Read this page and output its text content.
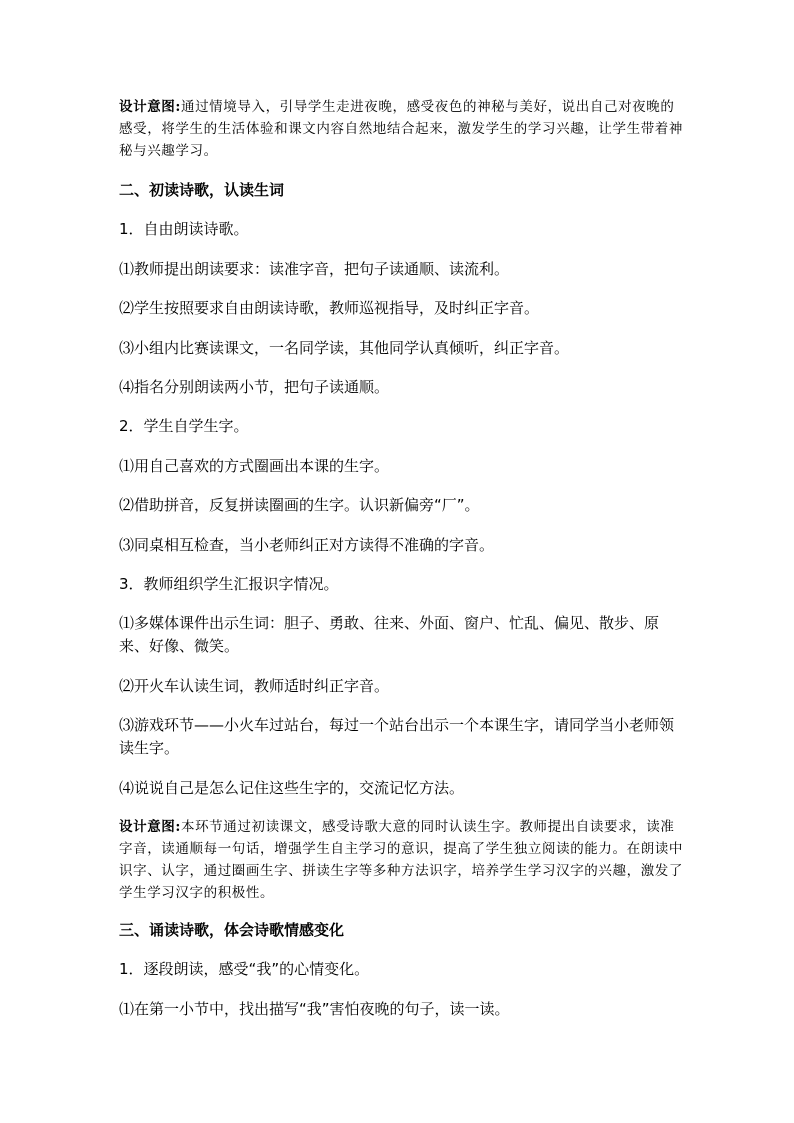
设计意图:通过情境导入，引导学生走进夜晚，感受夜色的神秘与美好，说出自己对夜晚的感受，将学生的生活体验和课文内容自然地结合起来，激发学生的学习兴趣，让学生带着神秘与兴趣学习。

二、初读诗歌，认读生词

1．自由朗读诗歌。

⑴教师提出朗读要求：读准字音，把句子读通顺、读流利。

⑵学生按照要求自由朗读诗歌，教师巡视指导，及时纠正字音。

⑶小组内比赛读课文，一名同学读，其他同学认真倾听，纠正字音。

⑷指名分别朗读两小节，把句子读通顺。

2．学生自学生字。

⑴用自己喜欢的方式圈画出本课的生字。

⑵借助拼音，反复拼读圈画的生字。认识新偏旁“厂”。

⑶同桌相互检查，当小老师纠正对方读得不准确的字音。

3．教师组织学生汇报识字情况。

⑴多媒体课件出示生词：胆子、勇敢、往来、外面、窗户、忙乱、偏见、散步、原来、好像、微笑。

⑵开火车认读生词，教师适时纠正字音。

⑶游戏环节——小火车过站台，每过一个站台出示一个本课生字，请同学当小老师领读生字。

⑷说说自己是怎么记住这些生字的，交流记忆方法。

设计意图:本环节通过初读课文，感受诗歌大意的同时认读生字。教师提出自读要求，读准字音，读通顺每一句话，增强学生自主学习的意识，提高了学生独立阅读的能力。在朗读中识字、认字，通过圈画生字、拼读生字等多种方法识字，培养学生学习汉字的兴趣，激发了学生学习汉字的积极性。

三、诵读诗歌，体会诗歌情感变化

1．逐段朗读，感受“我”的心情变化。

⑴在第一小节中，找出描写“我”害怕夜晚的句子，读一读。
